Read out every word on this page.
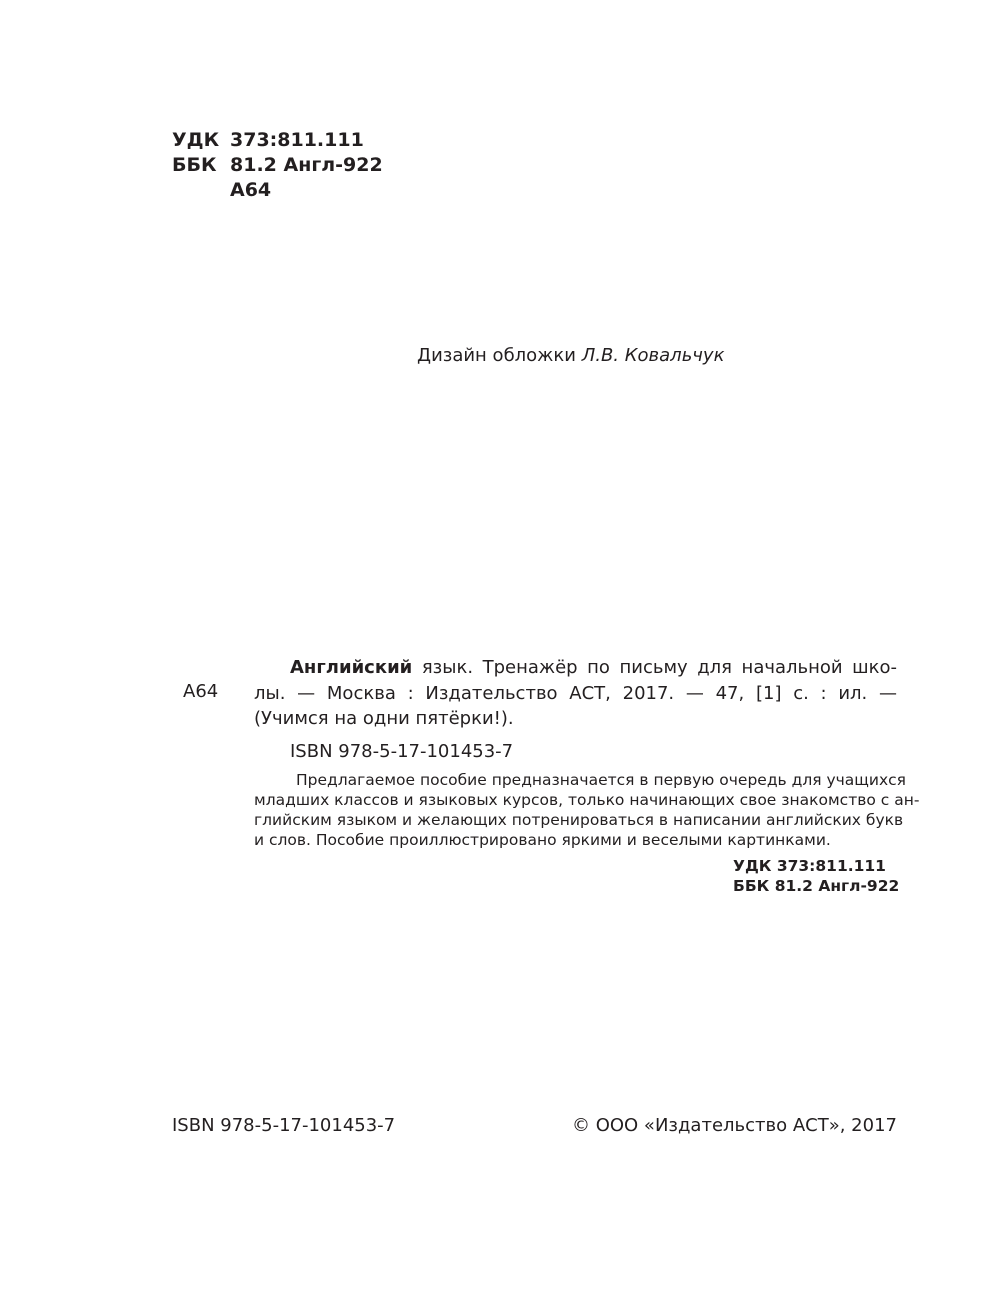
УДК 373:811.111
ББК 81.2 Англ-922
А64
Дизайн обложки Л.В. Ковальчук
А64
Английский язык. Тренажёр по письму для начальной шко-
лы. — Москва : Издательство АСТ, 2017. — 47, [1] с. : ил. —
(Учимся на одни пятёрки!).
ISBN 978-5-17-101453-7
Предлагаемое пособие предназначается в первую очередь для учащихся
младших классов и языковых курсов, только начинающих свое знакомство с ан-
глийским языком и желающих потренироваться в написании английских букв
и слов. Пособие проиллюстрировано яркими и веселыми картинками.
УДК 373:811.111
ББК 81.2 Англ-922
ISBN 978-5-17-101453-7	© ООО «Издательство АСТ», 2017
